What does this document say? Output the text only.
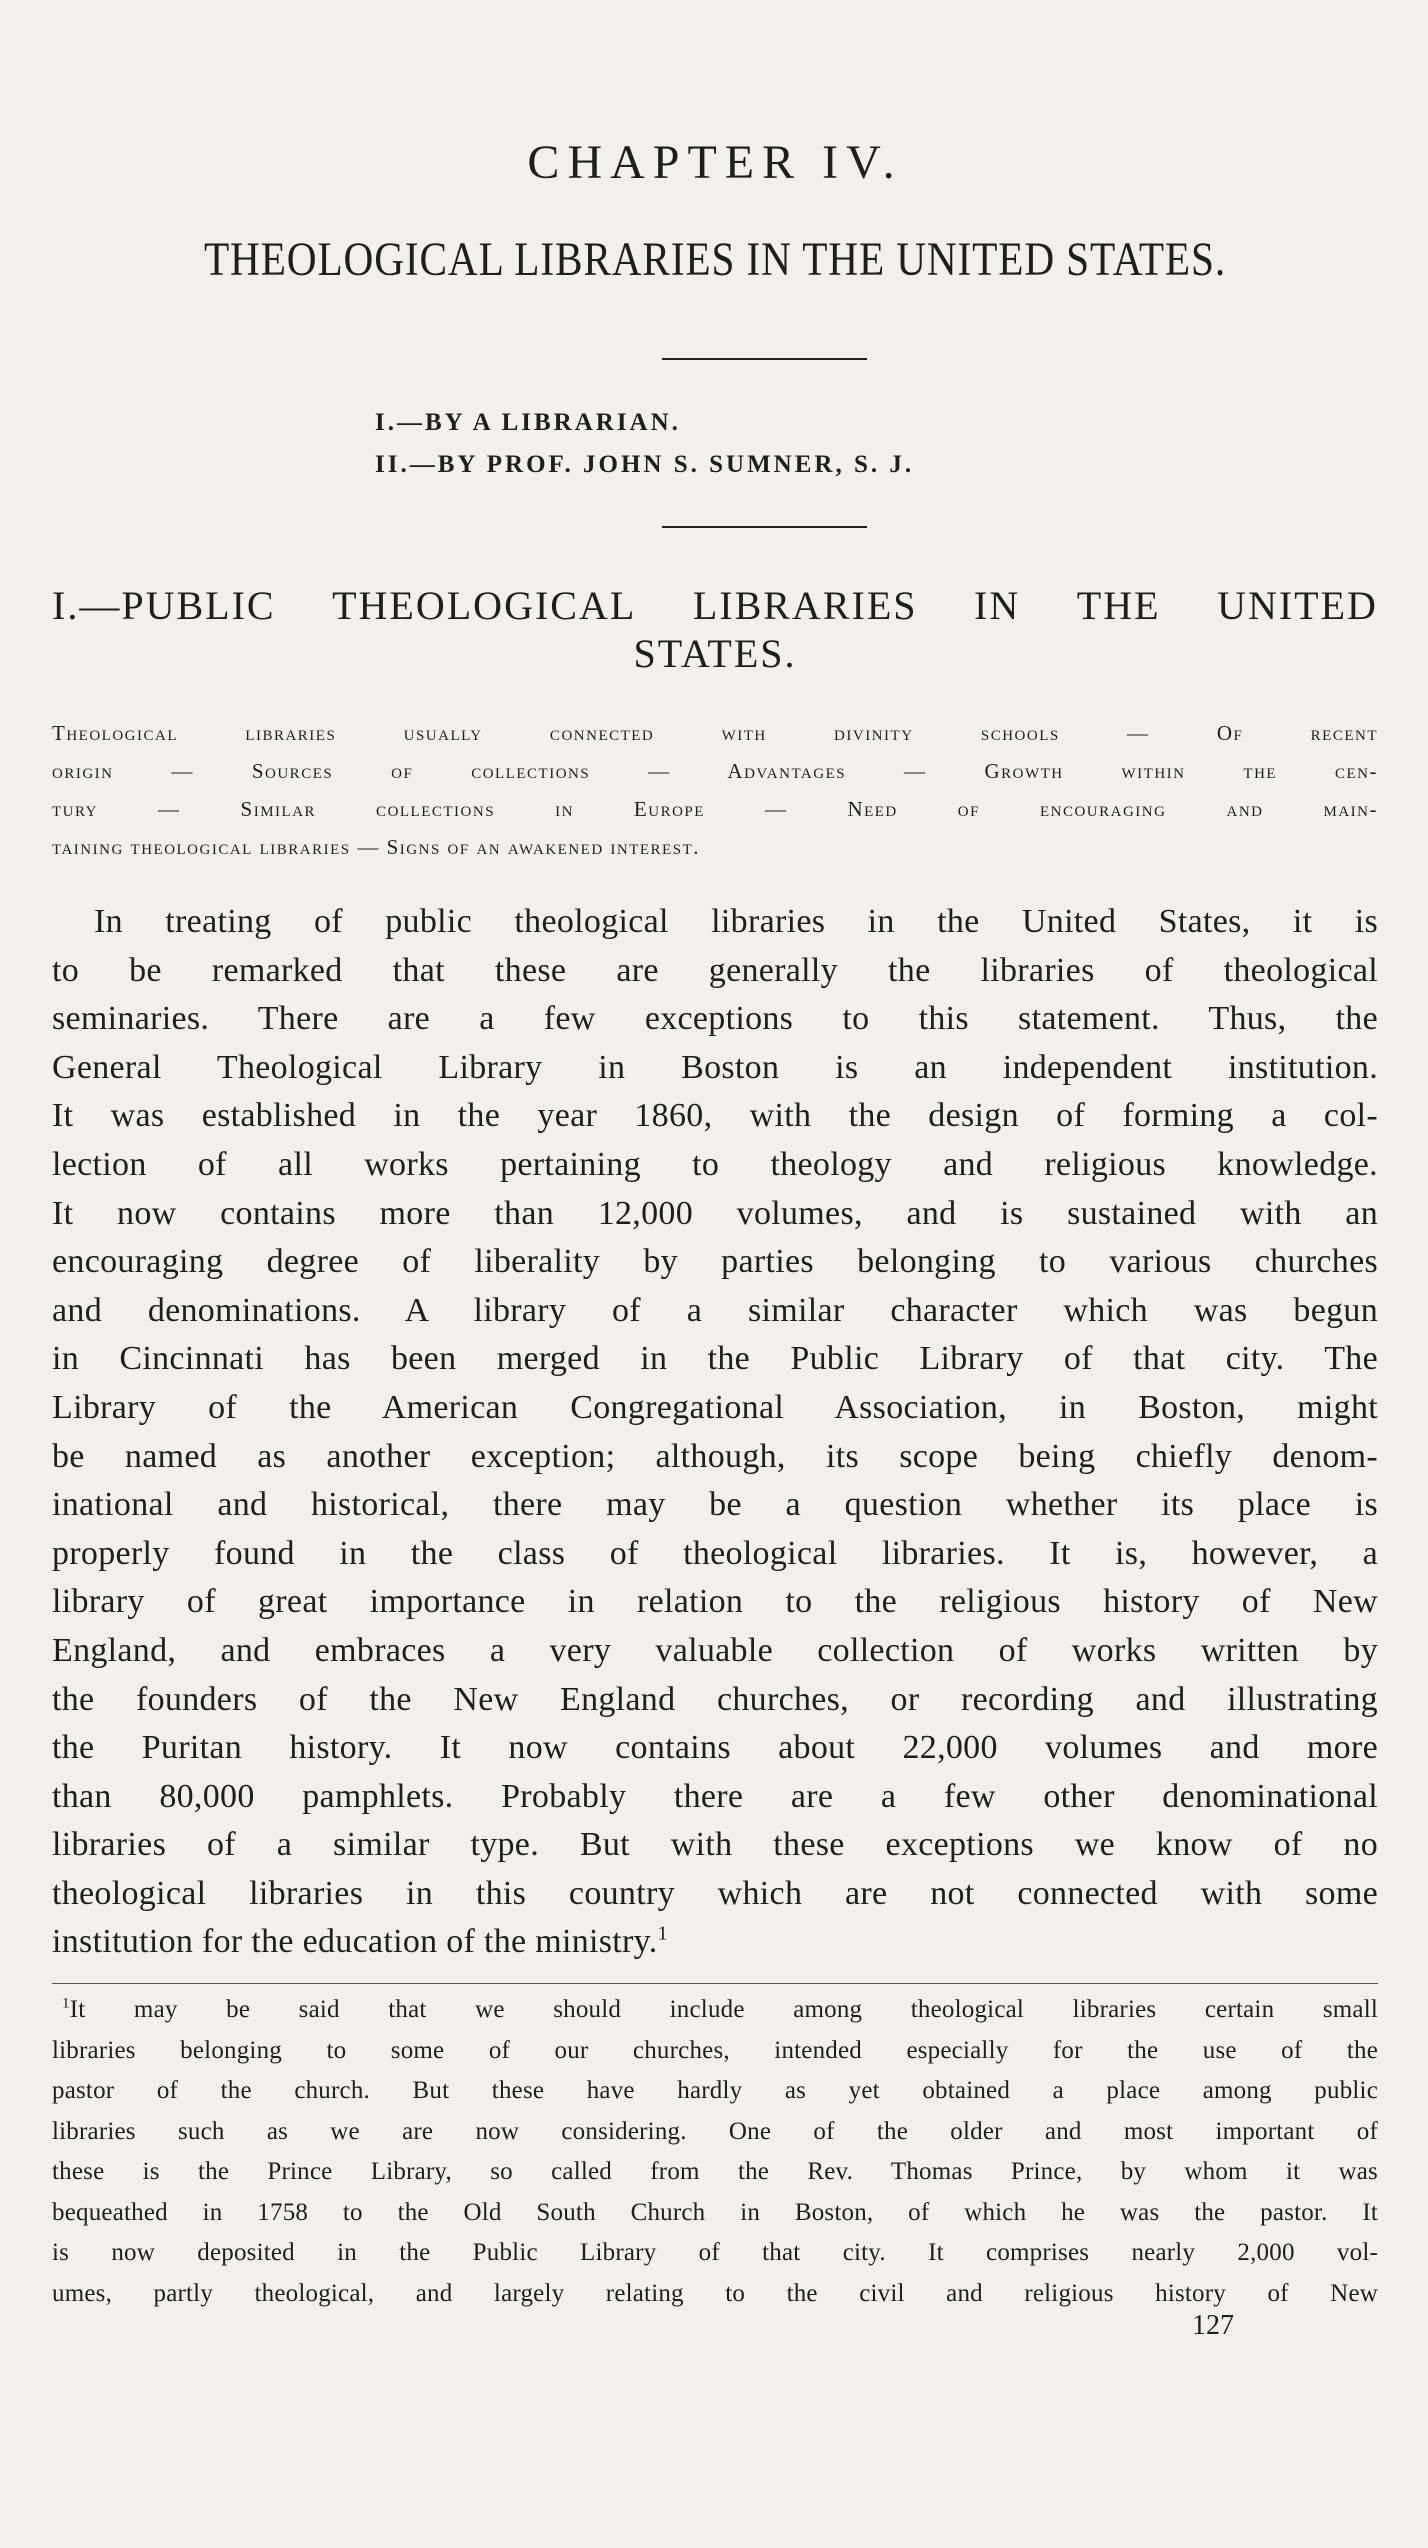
CHAPTER IV.
THEOLOGICAL LIBRARIES IN THE UNITED STATES.
I.—BY A LIBRARIAN.
II.—BY PROF. JOHN S. SUMNER, S. J.
I.—PUBLIC THEOLOGICAL LIBRARIES IN THE UNITED
STATES.
Theological libraries usually connected with divinity schools — Of recent
origin — Sources of collections — Advantages — Growth within the cen-
tury — Similar collections in Europe — Need of encouraging and main-
taining theological libraries — Signs of an awakened interest.
In treating of public theological libraries in the United States, it is
to be remarked that these are generally the libraries of theological
seminaries. There are a few exceptions to this statement. Thus, the
General Theological Library in Boston is an independent institution.
It was established in the year 1860, with the design of forming a col-
lection of all works pertaining to theology and religious knowledge.
It now contains more than 12,000 volumes, and is sustained with an
encouraging degree of liberality by parties belonging to various churches
and denominations. A library of a similar character which was begun
in Cincinnati has been merged in the Public Library of that city. The
Library of the American Congregational Association, in Boston, might
be named as another exception; although, its scope being chiefly denom-
inational and historical, there may be a question whether its place is
properly found in the class of theological libraries. It is, however, a
library of great importance in relation to the religious history of New
England, and embraces a very valuable collection of works written by
the founders of the New England churches, or recording and illustrating
the Puritan history. It now contains about 22,000 volumes and more
than 80,000 pamphlets. Probably there are a few other denominational
libraries of a similar type. But with these exceptions we know of no
theological libraries in this country which are not connected with some
institution for the education of the ministry.$^1$
$^1$It may be said that we should include among theological libraries certain small
libraries belonging to some of our churches, intended especially for the use of the
pastor of the church. But these have hardly as yet obtained a place among public
libraries such as we are now considering. One of the older and most important of
these is the Prince Library, so called from the Rev. Thomas Prince, by whom it was
bequeathed in 1758 to the Old South Church in Boston, of which he was the pastor. It
is now deposited in the Public Library of that city. It comprises nearly 2,000 vol-
umes, partly theological, and largely relating to the civil and religious history of New
127
